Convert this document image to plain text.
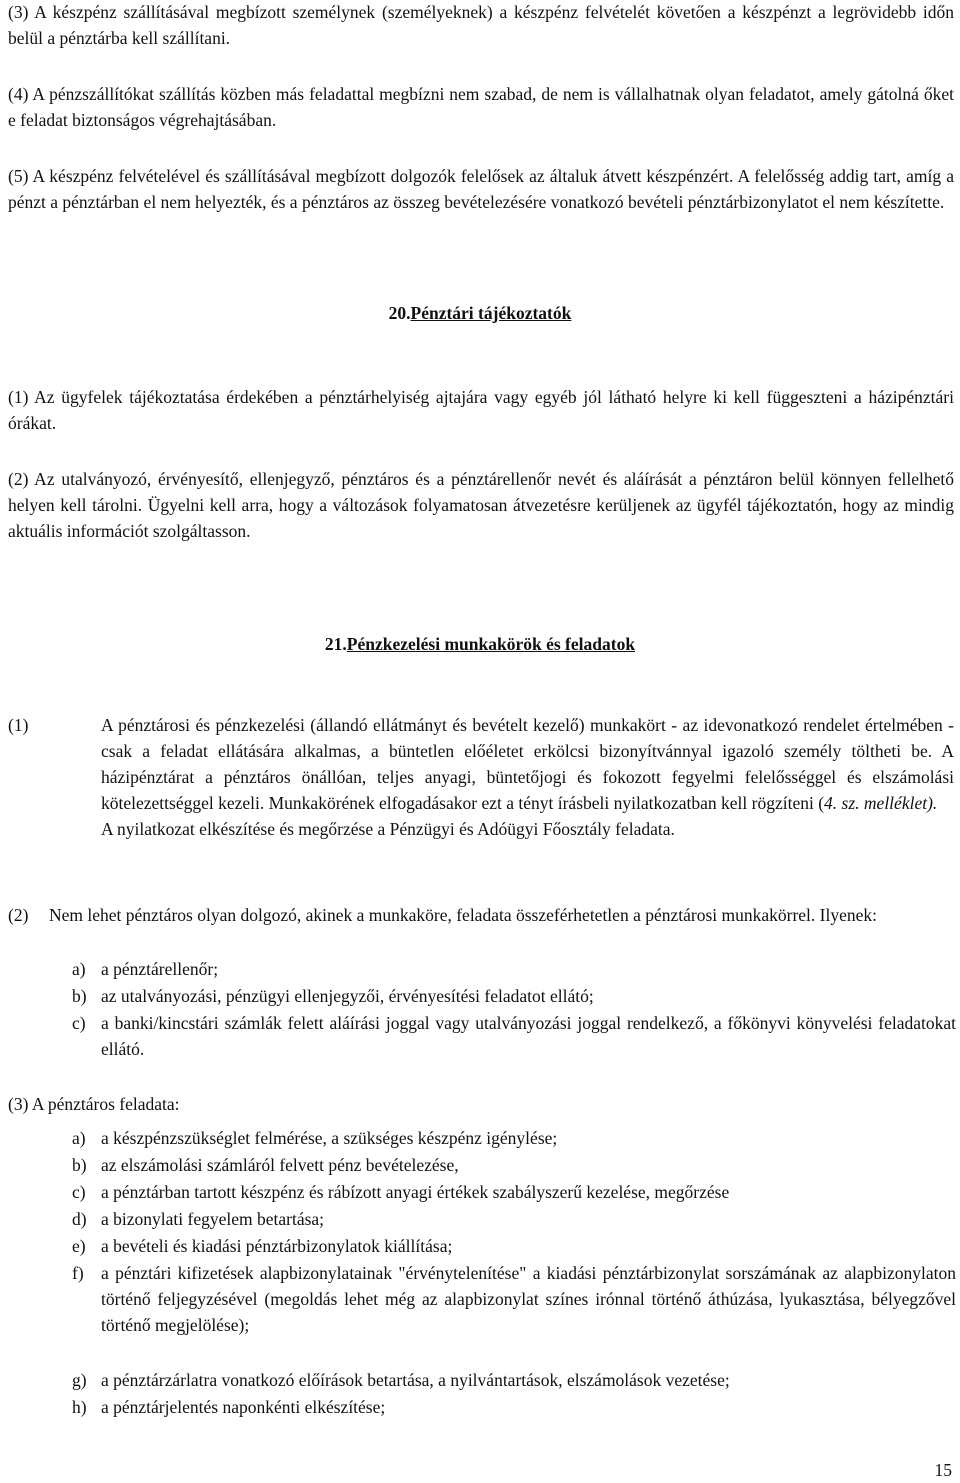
(3) A készpénz szállításával megbízott személynek (személyeknek) a készpénz felvételét követően a készpénzt a legrövidebb időn belül a pénztárba kell szállítani.

(4) A pénzszállítókat szállítás közben más feladattal megbízni nem szabad, de nem is vállalhatnak olyan feladatot, amely gátolná őket e feladat biztonságos végrehajtásában.

(5) A készpénz felvételével és szállításával megbízott dolgozók felelősek az általuk átvett készpénzért. A felelősség addig tart, amíg a pénzt a pénztárban el nem helyezték, és a pénztáros az összeg bevételezésére vonatkozó bevételi pénztárbizonylatot el nem készítette.

20.Pénztári tájékoztatók

(1) Az ügyfelek tájékoztatása érdekében a pénztárhelyiség ajtajára vagy egyéb jól látható helyre ki kell függeszteni a házipénztári órákat.

(2) Az utalványozó, érvényesítő, ellenjegyző, pénztáros és a pénztárellenőr nevét és aláírását a pénztáron belül könnyen fellelhető helyen kell tárolni. Ügyelni kell arra, hogy a változások folyamatosan átvezetésre kerüljenek az ügyfél tájékoztatón, hogy az mindig aktuális információt szolgáltasson.

21.Pénzkezelési munkakörök és feladatok

(1)	A pénztárosi és pénzkezelési (állandó ellátmányt és bevételt kezelő) munkakört - az idevonatkozó rendelet értelmében - csak a feladat ellátására alkalmas, a büntetlen előéletet erkölcsi bizonyítvánnyal igazoló személy töltheti be. A házipénztárat a pénztáros önállóan, teljes anyagi, büntetőjogi és fokozott fegyelmi felelősséggel és elszámolási kötelezettséggel kezeli. Munkakörének elfogadásakor ezt a tényt írásbeli nyilatkozatban kell rögzíteni (4. sz. melléklet).
A nyilatkozat elkészítése és megőrzése a Pénzügyi és Adóügyi Főosztály feladata.
(2) Nem lehet pénztáros olyan dolgozó, akinek a munkaköre, feladata összeférhetetlen a pénztárosi munkakörrel. Ilyenek:
a) a pénztárellenőr;
b) az utalványozási, pénzügyi ellenjegyzői, érvényesítési feladatot ellátó;
c) a banki/kincstári számlák felett aláírási joggal vagy utalványozási joggal rendelkező, a főkönyvi könyvelési feladatokat ellátó.

(3) A pénztáros feladata:

a) a készpénzszükséglet felmérése, a szükséges készpénz igénylése;
b) az elszámolási számláról felvett pénz bevételezése,
c) a pénztárban tartott készpénz és rábízott anyagi értékek szabályszerű kezelése, megőrzése
d) a bizonylati fegyelem betartása;
e) a bevételi és kiadási pénztárbizonylatok kiállítása;
f) a pénztári kifizetések alapbizonylatainak "érvénytelenítése" a kiadási pénztárbizonylat sorszámának az alapbizonylaton történő feljegyzésével (megoldás lehet még az alapbizonylat színes irónnal történő áthúzása, lyukasztása, bélyegzővel történő megjelölése);
g) a pénztárzárlatra vonatkozó előírások betartása, a nyilvántartások, elszámolások vezetése;
h) a pénztárjelentés naponkénti elkészítése;

15
